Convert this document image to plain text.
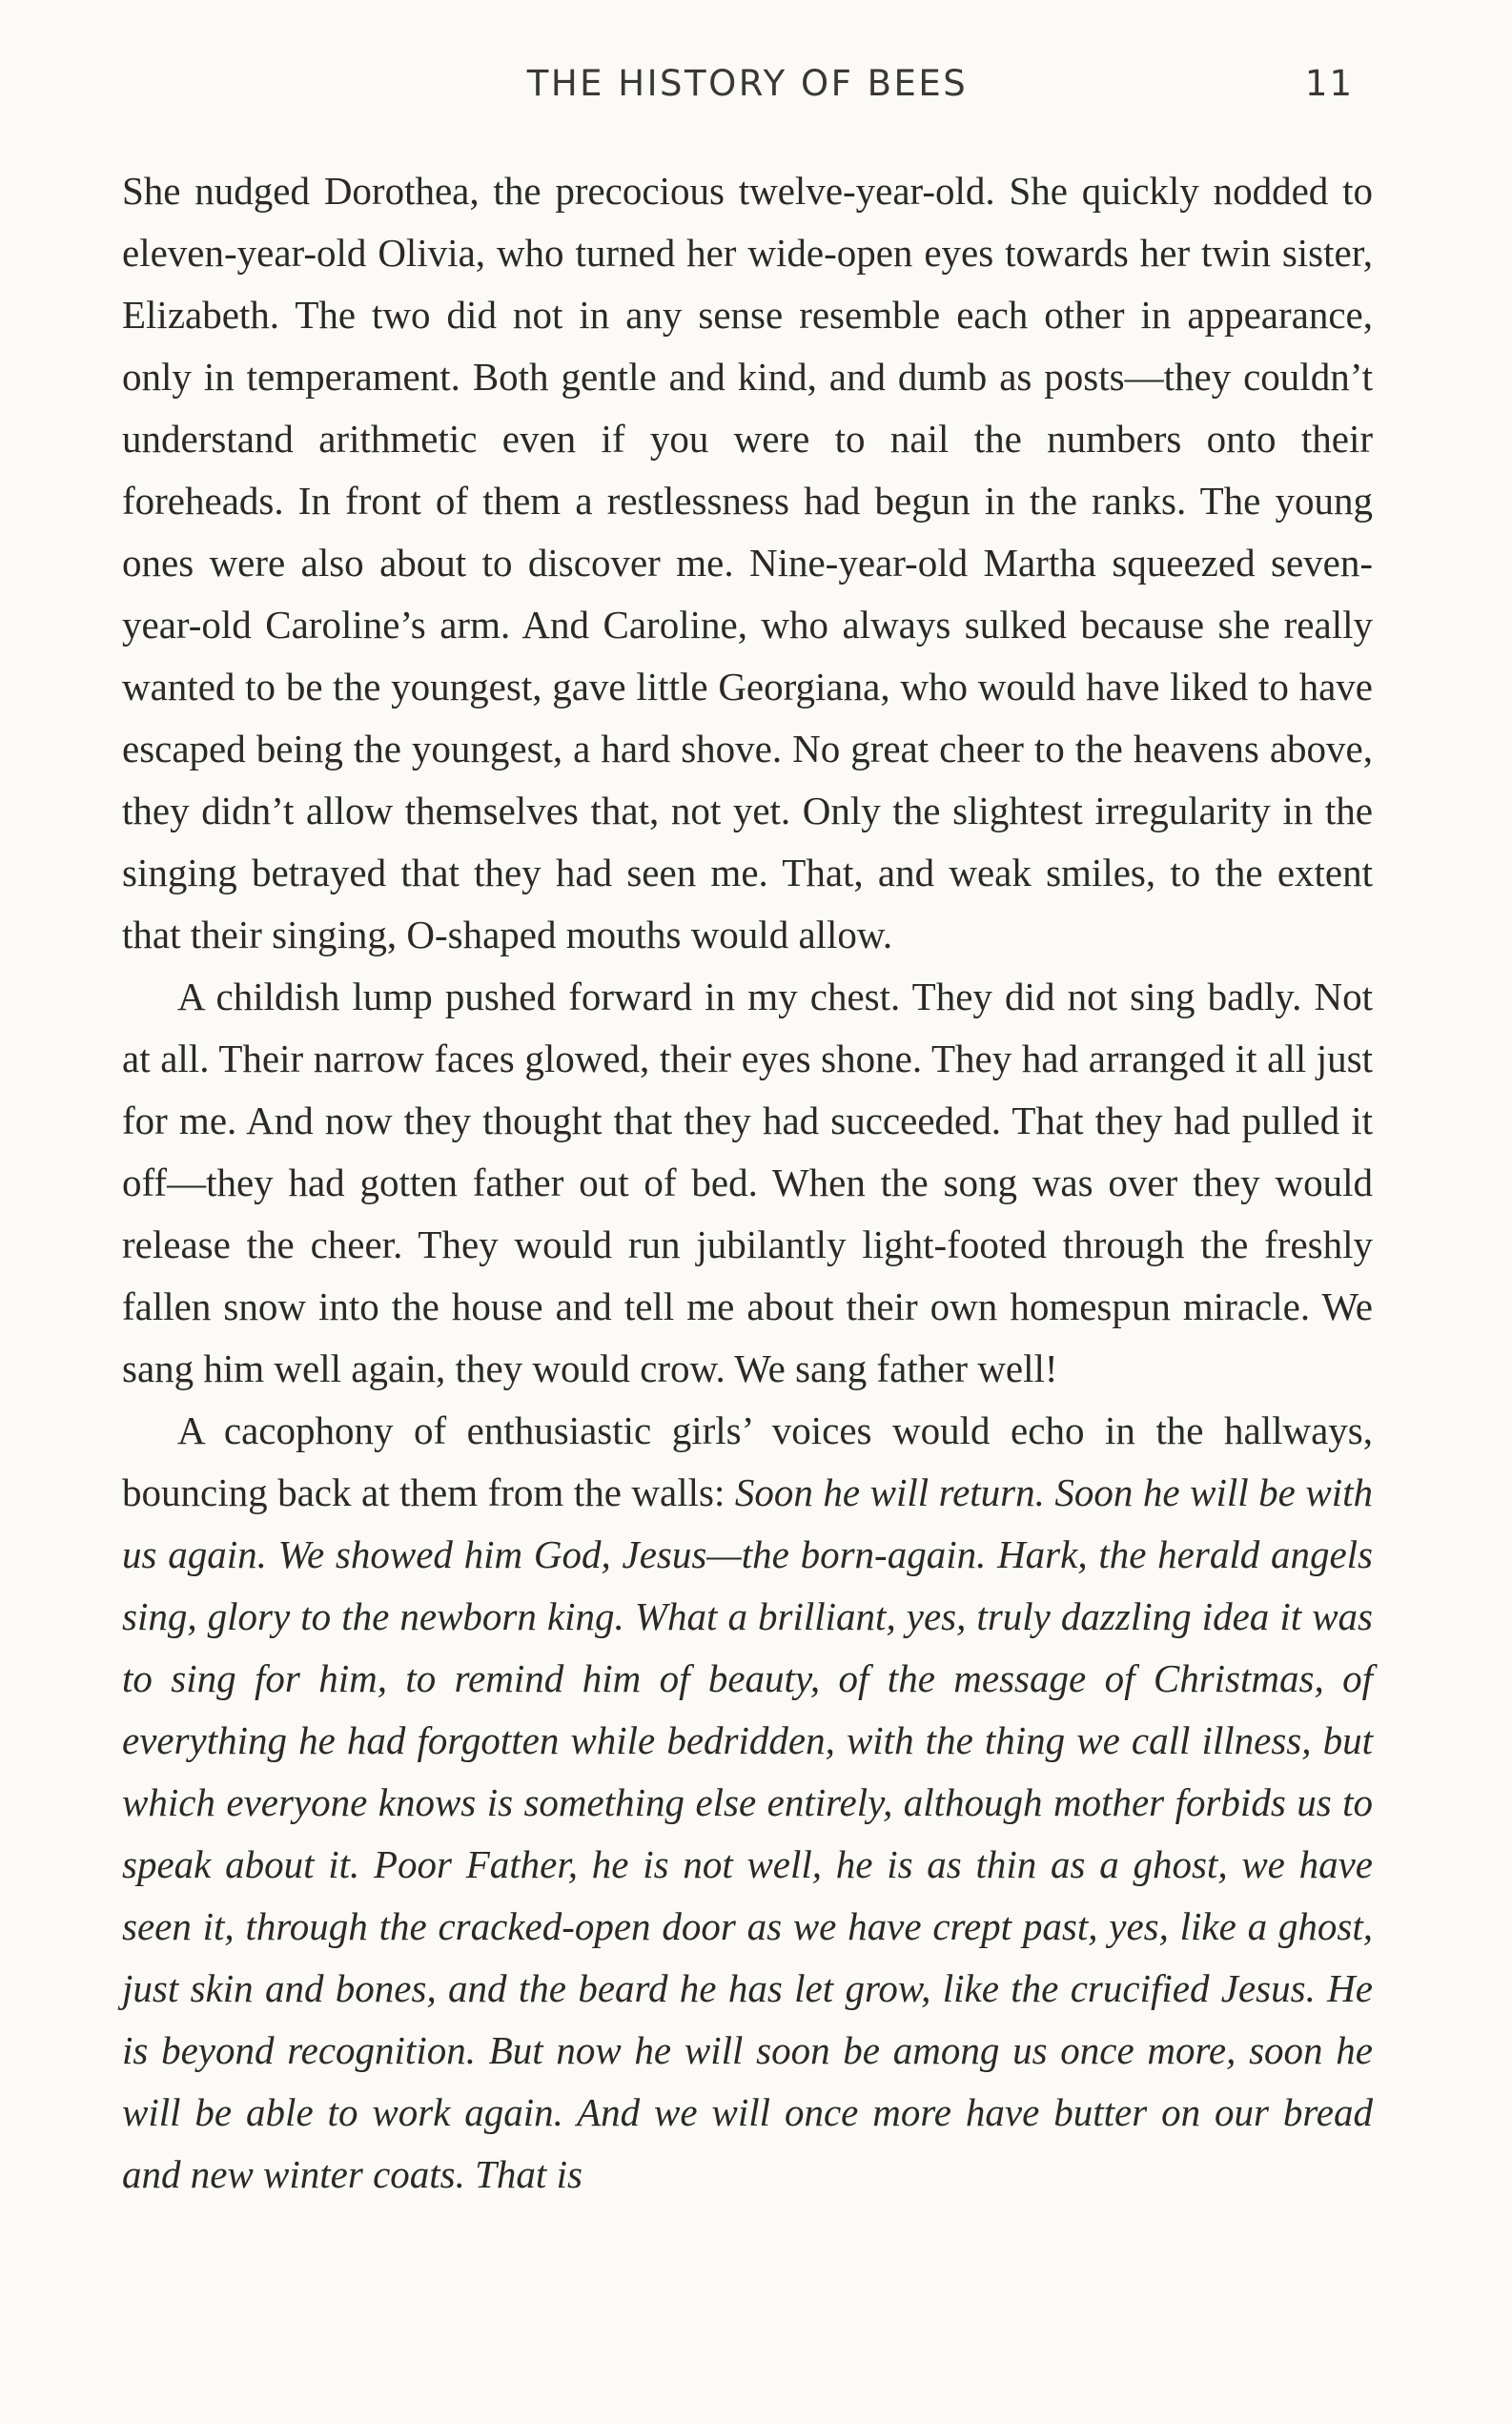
THE HISTORY OF BEES	11

She nudged Dorothea, the precocious twelve-year-old. She quickly nodded to eleven-year-old Olivia, who turned her wide-open eyes towards her twin sister, Elizabeth. The two did not in any sense resemble each other in appearance, only in temperament. Both gentle and kind, and dumb as posts—they couldn’t understand arithmetic even if you were to nail the numbers onto their foreheads. In front of them a restlessness had begun in the ranks. The young ones were also about to discover me. Nine-year-old Martha squeezed seven-year-old Caroline’s arm. And Caroline, who always sulked because she really wanted to be the youngest, gave little Georgiana, who would have liked to have escaped being the youngest, a hard shove. No great cheer to the heavens above, they didn’t allow themselves that, not yet. Only the slightest irregularity in the singing betrayed that they had seen me. That, and weak smiles, to the extent that their singing, O-shaped mouths would allow.

A childish lump pushed forward in my chest. They did not sing badly. Not at all. Their narrow faces glowed, their eyes shone. They had arranged it all just for me. And now they thought that they had succeeded. That they had pulled it off—they had gotten father out of bed. When the song was over they would release the cheer. They would run jubilantly light-footed through the freshly fallen snow into the house and tell me about their own homespun miracle. We sang him well again, they would crow. We sang father well!

A cacophony of enthusiastic girls’ voices would echo in the hallways, bouncing back at them from the walls: Soon he will return. Soon he will be with us again. We showed him God, Jesus—the born-again. Hark, the herald angels sing, glory to the newborn king. What a brilliant, yes, truly dazzling idea it was to sing for him, to remind him of beauty, of the message of Christmas, of everything he had forgotten while bedridden, with the thing we call illness, but which everyone knows is something else entirely, although mother forbids us to speak about it. Poor Father, he is not well, he is as thin as a ghost, we have seen it, through the cracked-open door as we have crept past, yes, like a ghost, just skin and bones, and the beard he has let grow, like the crucified Jesus. He is beyond recognition. But now he will soon be among us once more, soon he will be able to work again. And we will once more have butter on our bread and new winter coats. That is
